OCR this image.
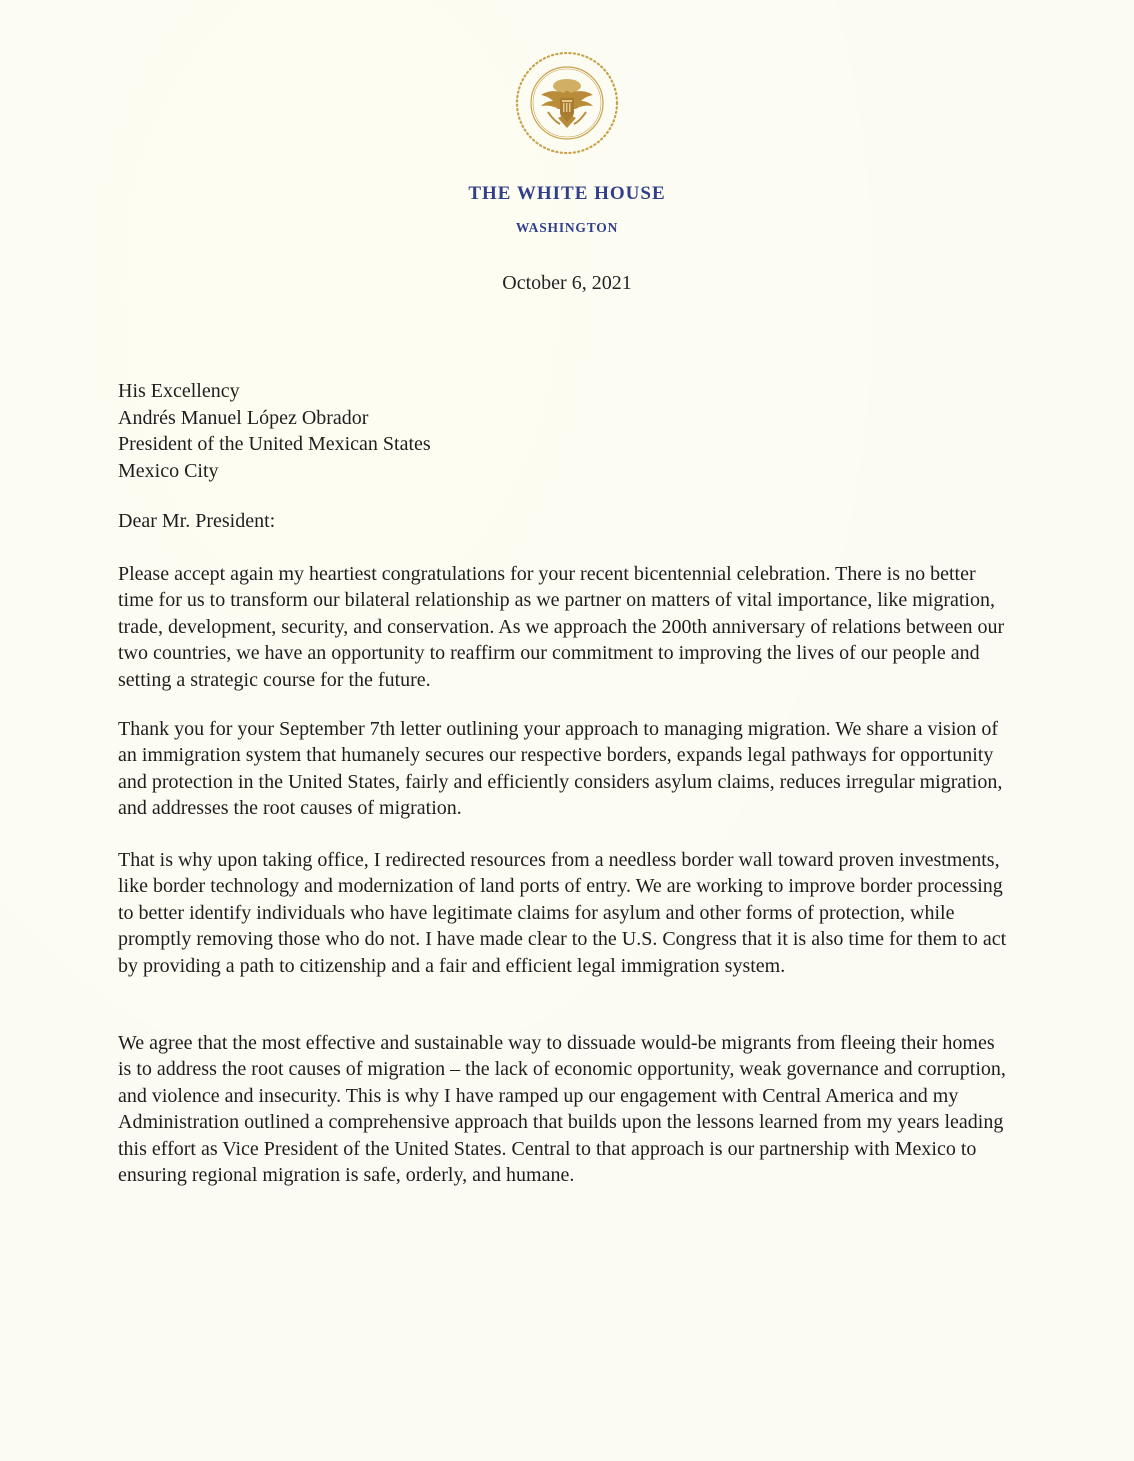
THE WHITE HOUSE
WASHINGTON
October 6, 2021
His Excellency
Andrés Manuel López Obrador
President of the United Mexican States
Mexico City
Dear Mr. President:

Please accept again my heartiest congratulations for your recent bicentennial celebration. There is no better time for us to transform our bilateral relationship as we partner on matters of vital importance, like migration, trade, development, security, and conservation. As we approach the 200th anniversary of relations between our two countries, we have an opportunity to reaffirm our commitment to improving the lives of our people and setting a strategic course for the future.

Thank you for your September 7th letter outlining your approach to managing migration. We share a vision of an immigration system that humanely secures our respective borders, expands legal pathways for opportunity and protection in the United States, fairly and efficiently considers asylum claims, reduces irregular migration, and addresses the root causes of migration.

That is why upon taking office, I redirected resources from a needless border wall toward proven investments, like border technology and modernization of land ports of entry. We are working to improve border processing to better identify individuals who have legitimate claims for asylum and other forms of protection, while promptly removing those who do not. I have made clear to the U.S. Congress that it is also time for them to act by providing a path to citizenship and a fair and efficient legal immigration system.

We agree that the most effective and sustainable way to dissuade would-be migrants from fleeing their homes is to address the root causes of migration – the lack of economic opportunity, weak governance and corruption, and violence and insecurity. This is why I have ramped up our engagement with Central America and my Administration outlined a comprehensive approach that builds upon the lessons learned from my years leading this effort as Vice President of the United States. Central to that approach is our partnership with Mexico to ensuring regional migration is safe, orderly, and humane.
